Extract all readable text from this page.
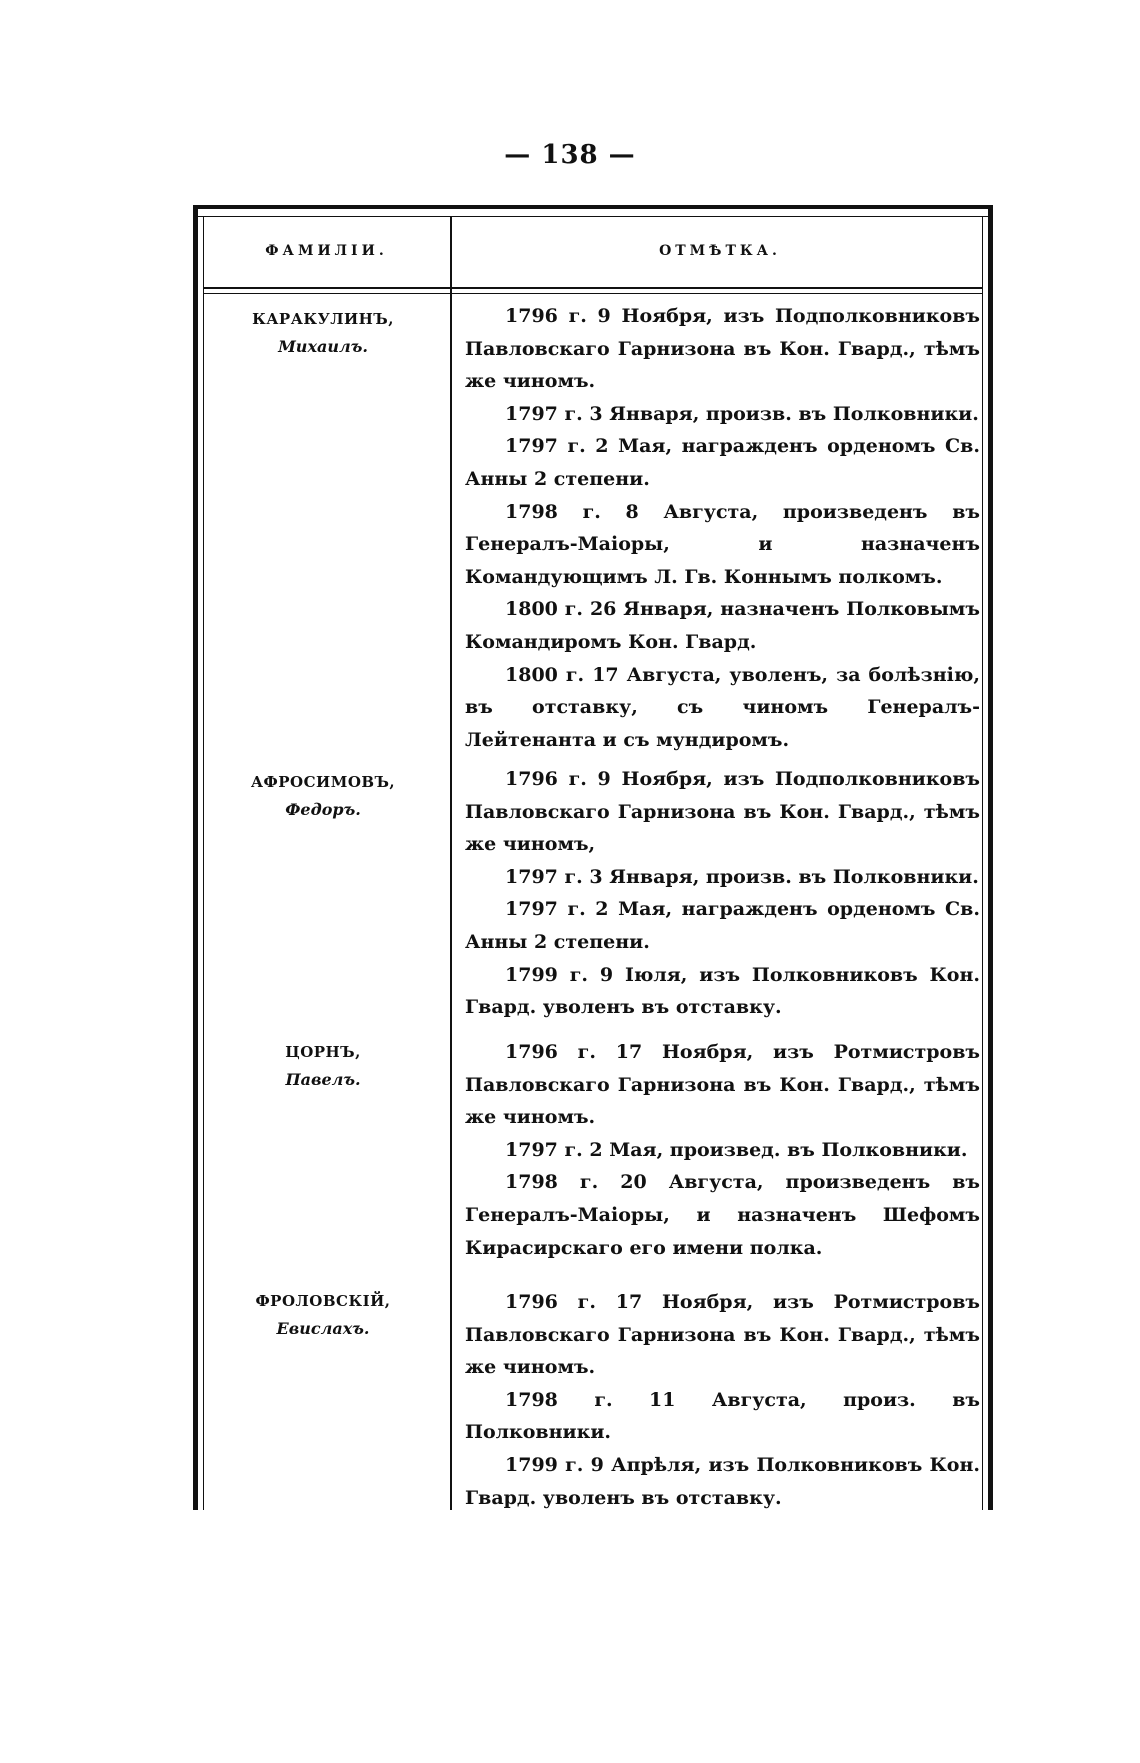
— 138 —
ФАМИЛІИ.	ОТМѢТКА.
КАРАКУЛИНЪ,
Михаилъ.

1796 г. 9 Ноября, изъ Подполковниковъ Павловскаго Гарнизона въ Кон. Гвард., тѣмъ же чиномъ.

1797 г. 3 Января, произв. въ Полковники.

1797 г. 2 Мая, награжденъ орденомъ Св. Анны 2 степени.

1798 г. 8 Августа, произведенъ въ Генералъ-Маіоры, и назначенъ Командующимъ Л. Гв. Коннымъ полкомъ.

1800 г. 26 Января, назначенъ Полковымъ Командиромъ Кон. Гвард.

1800 г. 17 Августа, уволенъ, за болѣзнію, въ отставку, съ чиномъ Генералъ-Лейтенанта и съ мундиромъ.

АФРОСИМОВЪ,
Федоръ.

1796 г. 9 Ноября, изъ Подполковниковъ Павловскаго Гарнизона въ Кон. Гвард., тѣмъ же чиномъ,

1797 г. 3 Января, произв. въ Полковники.

1797 г. 2 Мая, награжденъ орденомъ Св. Анны 2 степени.

1799 г. 9 Іюля, изъ Полковниковъ Кон. Гвард. уволенъ въ отставку.

ЦОРНЪ,
Павелъ.

1796 г. 17 Ноября, изъ Ротмистровъ Павловскаго Гарнизона въ Кон. Гвард., тѣмъ же чиномъ.

1797 г. 2 Мая, произвед. въ Полковники.

1798 г. 20 Августа, произведенъ въ Генералъ-Маіоры, и назначенъ Шефомъ Кирасирскаго его имени полка.

ФРОЛОВСКІЙ,
Евислахъ.

1796 г. 17 Ноября, изъ Ротмистровъ Павловскаго Гарнизона въ Кон. Гвард., тѣмъ же чиномъ.

1798 г. 11 Августа, произ. въ Полковники.

1799 г. 9 Апрѣля, изъ Полковниковъ Кон. Гвард. уволенъ въ отставку.
